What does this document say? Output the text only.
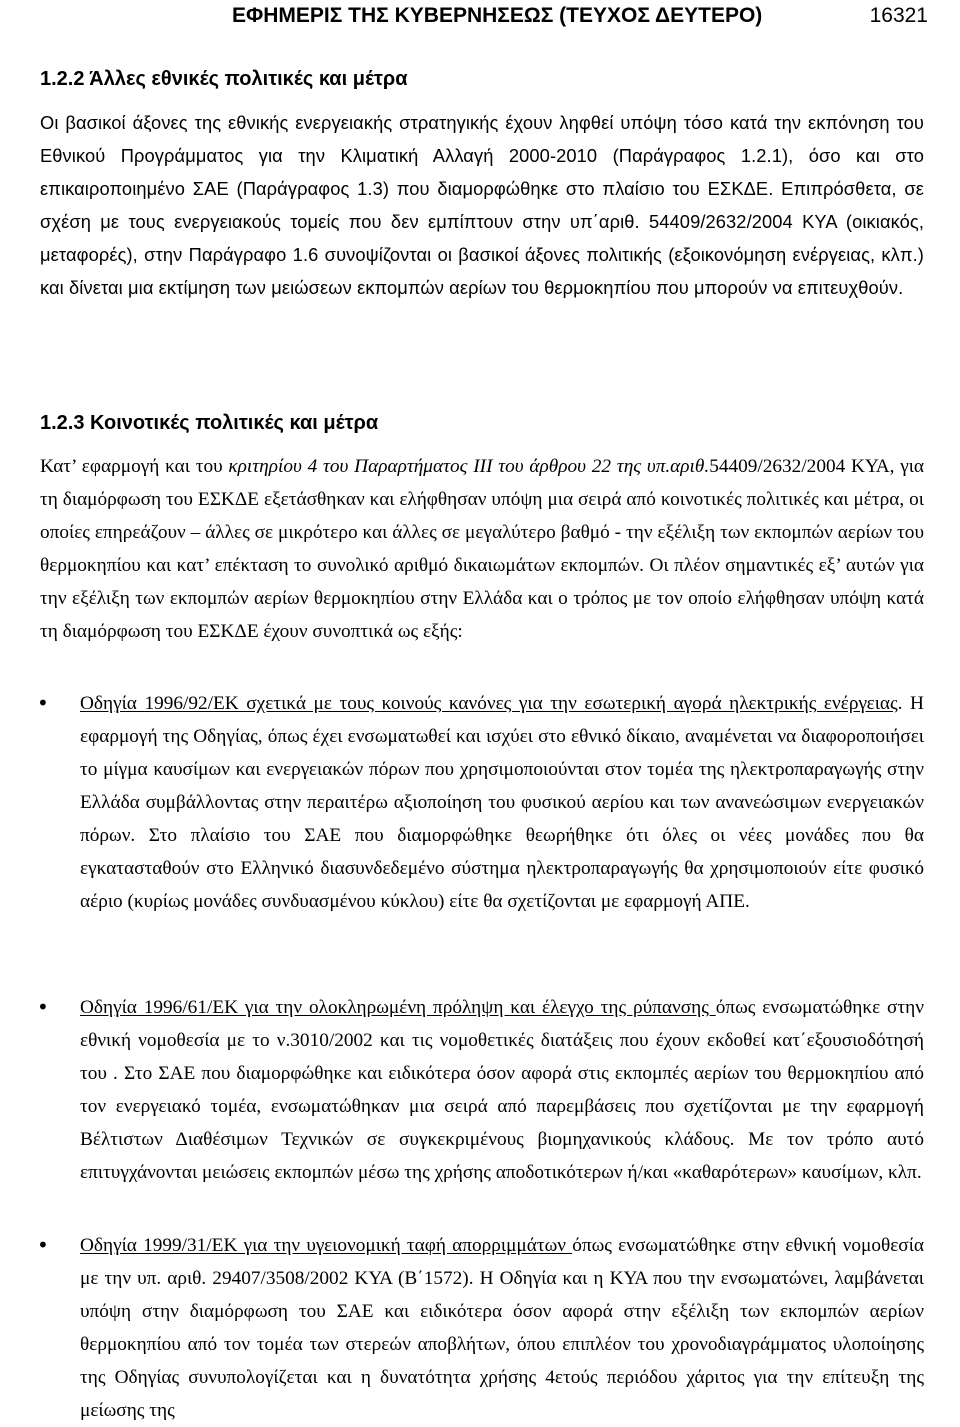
ΕΦΗΜΕΡΙΣ ΤΗΣ ΚΥΒΕΡΝΗΣΕΩΣ (ΤΕΥΧΟΣ ΔΕΥΤΕΡΟ)	16321
1.2.2 Άλλες εθνικές πολιτικές και μέτρα

Οι βασικοί άξονες της εθνικής ενεργειακής στρατηγικής έχουν ληφθεί υπόψη τόσο κατά την εκπόνηση του Εθνικού Προγράμματος για την Κλιματική Αλλαγή 2000-2010 (Παράγραφος 1.2.1), όσο και στο επικαιροποιημένο ΣΑΕ (Παράγραφος 1.3) που διαμορφώθηκε στο πλαίσιο του ΕΣΚΔΕ. Επιπρόσθετα, σε σχέση με τους ενεργειακούς τομείς που δεν εμπίπτουν στην υπ΄αριθ. 54409/2632/2004 ΚΥΑ (οικιακός, μεταφορές), στην Παράγραφο 1.6 συνοψίζονται οι βασικοί άξονες πολιτικής (εξοικονόμηση ενέργειας, κλπ.) και δίνεται μια εκτίμηση των μειώσεων εκπομπών αερίων του θερμοκηπίου που μπορούν να επιτευχθούν.

1.2.3 Κοινοτικές πολιτικές και μέτρα

Κατ’ εφαρμογή και του κριτηρίου 4 του Παραρτήματος ΙΙΙ του άρθρου 22 της υπ.αριθ.54409/2632/2004 ΚΥΑ, για τη διαμόρφωση του ΕΣΚΔΕ εξετάσθηκαν και ελήφθησαν υπόψη μια σειρά από κοινοτικές πολιτικές και μέτρα, οι οποίες επηρεάζουν – άλλες σε μικρότερο και άλλες σε μεγαλύτερο βαθμό - την εξέλιξη των εκπομπών αερίων του θερμοκηπίου και κατ’ επέκταση το συνολικό αριθμό δικαιωμάτων εκπομπών. Οι πλέον σημαντικές εξ’ αυτών για την εξέλιξη των εκπομπών αερίων θερμοκηπίου στην Ελλάδα και ο τρόπος με τον οποίο ελήφθησαν υπόψη κατά τη διαμόρφωση του ΕΣΚΔΕ έχουν συνοπτικά ως εξής:

• Οδηγία 1996/92/ΕΚ σχετικά με τους κοινούς κανόνες για την εσωτερική αγορά ηλεκτρικής ενέργειας. Η εφαρμογή της Οδηγίας, όπως έχει ενσωματωθεί και ισχύει στο εθνικό δίκαιο, αναμένεται να διαφοροποιήσει το μίγμα καυσίμων και ενεργειακών πόρων που χρησιμοποιούνται στον τομέα της ηλεκτροπαραγωγής στην Ελλάδα συμβάλλοντας στην περαιτέρω αξιοποίηση του φυσικού αερίου και των ανανεώσιμων ενεργειακών πόρων. Στο πλαίσιο του ΣΑΕ που διαμορφώθηκε θεωρήθηκε ότι όλες οι νέες μονάδες που θα εγκατασταθούν στο Ελληνικό διασυνδεδεμένο σύστημα ηλεκτροπαραγωγής θα χρησιμοποιούν είτε φυσικό αέριο (κυρίως μονάδες συνδυασμένου κύκλου) είτε θα σχετίζονται με εφαρμογή ΑΠΕ.

• Οδηγία 1996/61/ΕΚ για την ολοκληρωμένη πρόληψη και έλεγχο της ρύπανσης όπως ενσωματώθηκε στην εθνική νομοθεσία με το ν.3010/2002 και τις νομοθετικές διατάξεις που έχουν εκδοθεί κατ΄εξουσιοδότησή του . Στο ΣΑΕ που διαμορφώθηκε και ειδικότερα όσον αφορά στις εκπομπές αερίων του θερμοκηπίου από τον ενεργειακό τομέα, ενσωματώθηκαν μια σειρά από παρεμβάσεις που σχετίζονται με την εφαρμογή Βέλτιστων Διαθέσιμων Τεχνικών σε συγκεκριμένους βιομηχανικούς κλάδους. Με τον τρόπο αυτό επιτυγχάνονται μειώσεις εκπομπών μέσω της χρήσης αποδοτικότερων ή/και «καθαρότερων» καυσίμων, κλπ.

• Οδηγία 1999/31/ΕΚ για την υγειονομική ταφή απορριμμάτων όπως ενσωματώθηκε στην εθνική νομοθεσία με την υπ. αριθ. 29407/3508/2002 ΚΥΑ (Β΄1572). Η Οδηγία και η ΚΥΑ που την ενσωματώνει, λαμβάνεται υπόψη στην διαμόρφωση του ΣΑΕ και ειδικότερα όσον αφορά στην εξέλιξη των εκπομπών αερίων θερμοκηπίου από τον τομέα των στερεών αποβλήτων, όπου επιπλέον του χρονοδιαγράμματος υλοποίησης της Οδηγίας συνυπολογίζεται και η δυνατότητα χρήσης 4ετούς περιόδου χάριτος για την επίτευξη της μείωσης της
